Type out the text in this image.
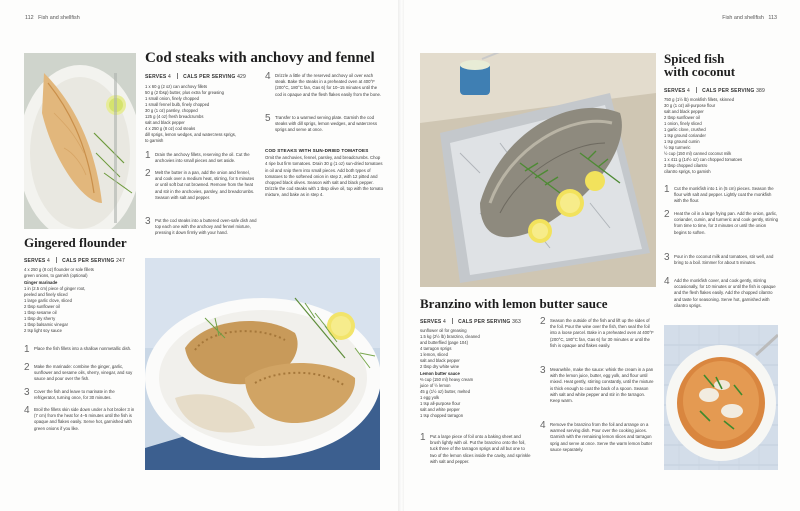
112 Fish and shellfish	Fish and shellfish 113
Cod steaks with anchovy and fennel
SERVES 4 CALS PER SERVING 429
1 x 60 g (2 oz) can anchovy fillets
50 g (2 tbsp) butter, plus extra for greasing
1 small onion, finely chopped
1 small fennel bulb, finely chopped
30 g (1 oz) parsley, chopped
125 g (4 oz) fresh breadcrumbs
salt and black pepper
4 x 250 g (8 oz) cod steaks
dill sprigs, lemon wedges, and watercress sprigs,
to garnish
1 Drain the anchovy fillets, reserving the oil. Cut the anchovies into small pieces and set aside.
2 Melt the butter in a pan, add the onion and fennel, and cook over a medium heat, stirring, for 5 minutes or until soft but not browned. Remove from the heat and stir in the anchovies, parsley, and breadcrumbs. Season with salt and pepper.
3 Put the cod steaks into a buttered oven-safe dish and top each one with the anchovy and fennel mixture, pressing it down firmly with your hand.
4 Drizzle a little of the reserved anchovy oil over each steak. Bake the steaks in a preheated oven at 400°F (200°C, 180°C fan, Gas 6) for 10–15 minutes until the cod is opaque and the flesh flakes easily from the bone.
5 Transfer to a warmed serving plate. Garnish the cod steaks with dill sprigs, lemon wedges, and watercress sprigs and serve at once.
COD STEAKS WITH SUN-DRIED TOMATOES
Omit the anchovies, fennel, parsley, and breadcrumbs. Chop 4 ripe but firm tomatoes. Drain 30 g (1 oz) sun-dried tomatoes in oil and snip them into small pieces. Add both types of tomatoes to the softened onion in step 2, with 12 pitted and chopped black olives. Season with salt and black pepper. Drizzle the cod steaks with 1 tbsp olive oil, top with the tomato mixture, and bake as in step 4.
Gingered flounder
SERVES 4 CALS PER SERVING 247
4 x 250 g (8 oz) flounder or sole fillets
green onions, to garnish (optional)
Ginger marinade
1 in (2.5 cm) piece of ginger root,
peeled and finely sliced
1 large garlic clove, sliced
2 tbsp sunflower oil
1 tbsp sesame oil
1 tbsp dry sherry
1 tbsp balsamic vinegar
2 tsp light soy sauce
1 Place the fish fillets into a shallow nonmetallic dish.
2 Make the marinade: combine the ginger, garlic, sunflower and sesame oils, sherry, vinegar, and soy sauce and pour over the fish.
3 Cover the fish and leave to marinate in the refrigerator, turning once, for 30 minutes.
4 Broil the fillets skin side down under a hot broiler 3 in (7 cm) from the heat for 4–5 minutes until the fish is opaque and flakes easily. Serve hot, garnished with green onions if you like.
Spiced fish
with coconut
SERVES 4 CALS PER SERVING 389
750 g (1½ lb) monkfish fillets, skinned
30 g (1 oz) all-purpose flour
salt and black pepper
2 tbsp sunflower oil
1 onion, finely sliced
1 garlic clove, crushed
1 tsp ground coriander
1 tsp ground cumin
½ tsp turmeric
½ cup (150 ml) canned coconut milk
1 x 411 g (14½ oz) can chopped tomatoes
3 tbsp chopped cilantro
cilantro sprigs, to garnish
1 Cut the monkfish into 1 in (5 cm) pieces. Season the flour with salt and pepper. Lightly coat the monkfish with the flour.
2 Heat the oil in a large frying pan. Add the onion, garlic, coriander, cumin, and turmeric and cook gently, stirring from time to time, for 3 minutes or until the onion begins to soften.
3 Pour in the coconut milk and tomatoes, stir well, and bring to a boil. Simmer for about 5 minutes.
4 Add the monkfish cover, and cook gently, stirring occasionally, for 10 minutes or until the fish is opaque and the flesh flakes easily. Add the chopped cilantro and taste for seasoning. Serve hot, garnished with cilantro sprigs.
Branzino with lemon butter sauce
SERVES 4 CALS PER SERVING 363
sunflower oil for greasing
1.5 kg (2½ lb) branzino, cleaned
and butterflied (page 104)
4 tarragon sprigs
1 lemon, sliced
salt and black pepper
2 tbsp dry white wine
Lemon butter sauce
⅔ cup (150 ml) heavy cream
juice of ½ lemon
45 g (1½ oz) butter, melted
1 egg yolk
1 tsp all-purpose flour
salt and white pepper
1 tsp chopped tarragon
1 Put a large piece of foil onto a baking sheet and brush lightly with oil. Put the branzino onto the foil, tuck three of the tarragon sprigs and all but one to two of the lemon slices inside the cavity, and sprinkle with salt and pepper.
2 Season the outside of the fish and lift up the sides of the foil. Pour the wine over the fish, then seal the foil into a loose parcel. Bake in a preheated oven at 400°F (200°C, 180°C fan, Gas 6) for 30 minutes or until the fish is opaque and flakes easily.
3 Meanwhile, make the sauce: whisk the cream in a pan with the lemon juice, butter, egg yolk, and flour until mixed. Heat gently, stirring constantly, until the mixture is thick enough to coat the back of a spoon. Season with salt and white pepper and stir in the tarragon. Keep warm.
4 Remove the branzino from the foil and arrange on a warmed serving dish. Pour over the cooking juices. Garnish with the remaining lemon slices and tarragon sprig and serve at once. Serve the warm lemon butter sauce separately.
